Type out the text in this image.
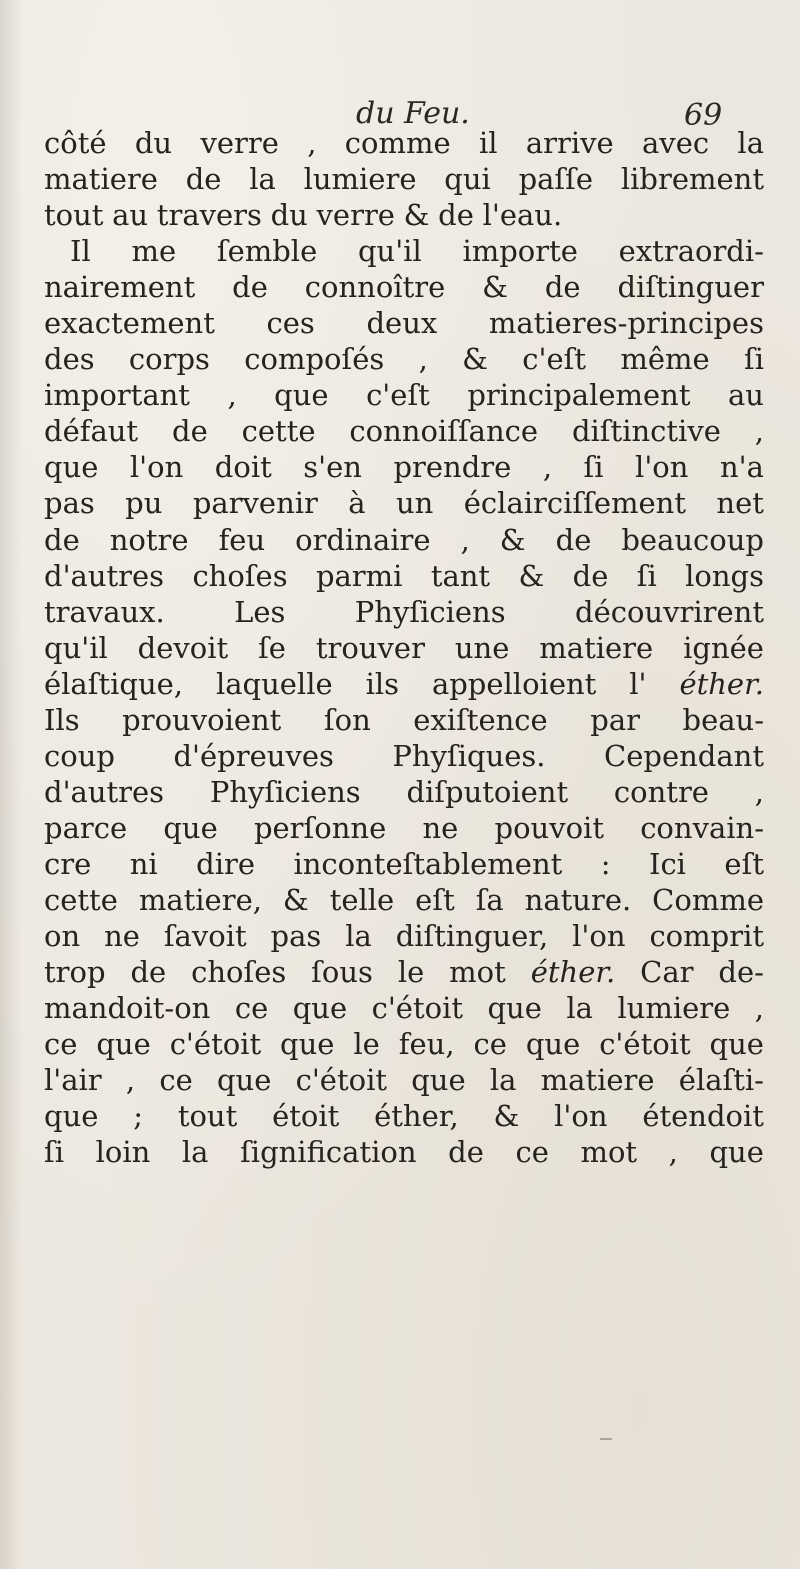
du Feu.	69
côté du verre , comme il arrive avec la
matiere de la lumiere qui paſſe librement
tout au travers du verre & de l'eau.
Il me ſemble qu'il importe extraordi-
nairement de connoître & de diſtinguer
exactement ces deux matieres-principes
des corps compoſés , & c'eſt même ſi
important , que c'eſt principalement au
défaut de cette connoiſſance diſtinctive ,
que l'on doit s'en prendre , ſi l'on n'a
pas pu parvenir à un éclairciſſement net
de notre feu ordinaire , & de beaucoup
d'autres choſes parmi tant & de ſi longs
travaux. Les Phyſiciens découvrirent
qu'il devoit ſe trouver une matiere ignée
élaſtique, laquelle ils appelloient l' éther.
Ils prouvoient ſon exiſtence par beau-
coup d'épreuves Phyſiques. Cependant
d'autres Phyſiciens diſputoient contre ,
parce que perſonne ne pouvoit convain-
cre ni dire inconteſtablement : Ici eſt
cette matiere, & telle eſt ſa nature. Comme
on ne ſavoit pas la diſtinguer, l'on comprit
trop de choſes ſous le mot éther. Car de-
mandoit-on ce que c'étoit que la lumiere ,
ce que c'étoit que le feu, ce que c'étoit que
l'air , ce que c'étoit que la matiere élaſti-
que ; tout étoit éther, & l'on étendoit
ſi loin la ſignification de ce mot , que
